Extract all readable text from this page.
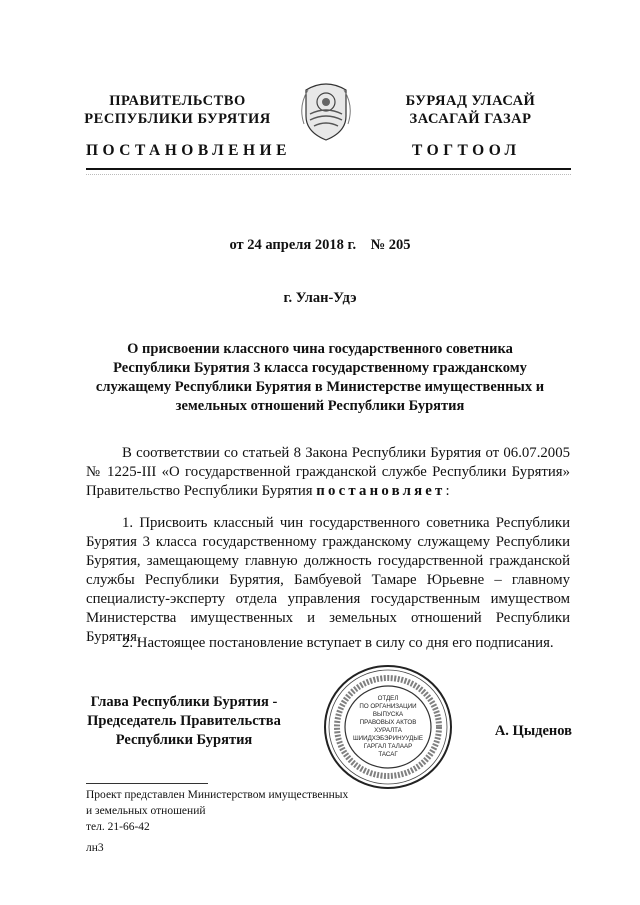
ПРАВИТЕЛЬСТВО
РЕСПУБЛИКИ БУРЯТИЯ
БУРЯАД УЛАСАЙ
ЗАСАГАЙ ГАЗАР
ПОСТАНОВЛЕНИЕ	ТОГТООЛ
от 24 апреля 2018 г.    № 205
г. Улан-Удэ
О присвоении классного чина государственного советника
Республики Бурятия 3 класса государственному гражданскому
служащему Республики Бурятия в Министерстве имущественных и
земельных отношений Республики Бурятия
В соответствии со статьей 8 Закона Республики Бурятия от 06.07.2005 № 1225-III «О государственной гражданской службе Республики Бурятия» Правительство Республики Бурятия постановляет:
1. Присвоить классный чин государственного советника Республики Бурятия 3 класса государственному гражданскому служащему Республики Бурятия, замещающему главную должность государственной гражданской службы Республики Бурятия, Бамбуевой Тамаре Юрьевне – главному специалисту-эксперту отдела управления государственным имуществом Министерства имущественных и земельных отношений Республики Бурятия.
2. Настоящее постановление вступает в силу со дня его подписания.
Глава Республики Бурятия -
Председатель Правительства
Республики Бурятия
ОТДЕЛ
ПО ОРГАНИЗАЦИИ
ВЫПУСКА
ПРАВОВЫХ АКТОВ
ХУРАЛТА
ШИИДХЭБЭРИНУУДЫЕ
ГАРГАЛ ТАЛААР
ТАСАГ
А. Цыденов
Проект представлен Министерством имущественных
и земельных отношений
тел. 21-66-42
лн3
